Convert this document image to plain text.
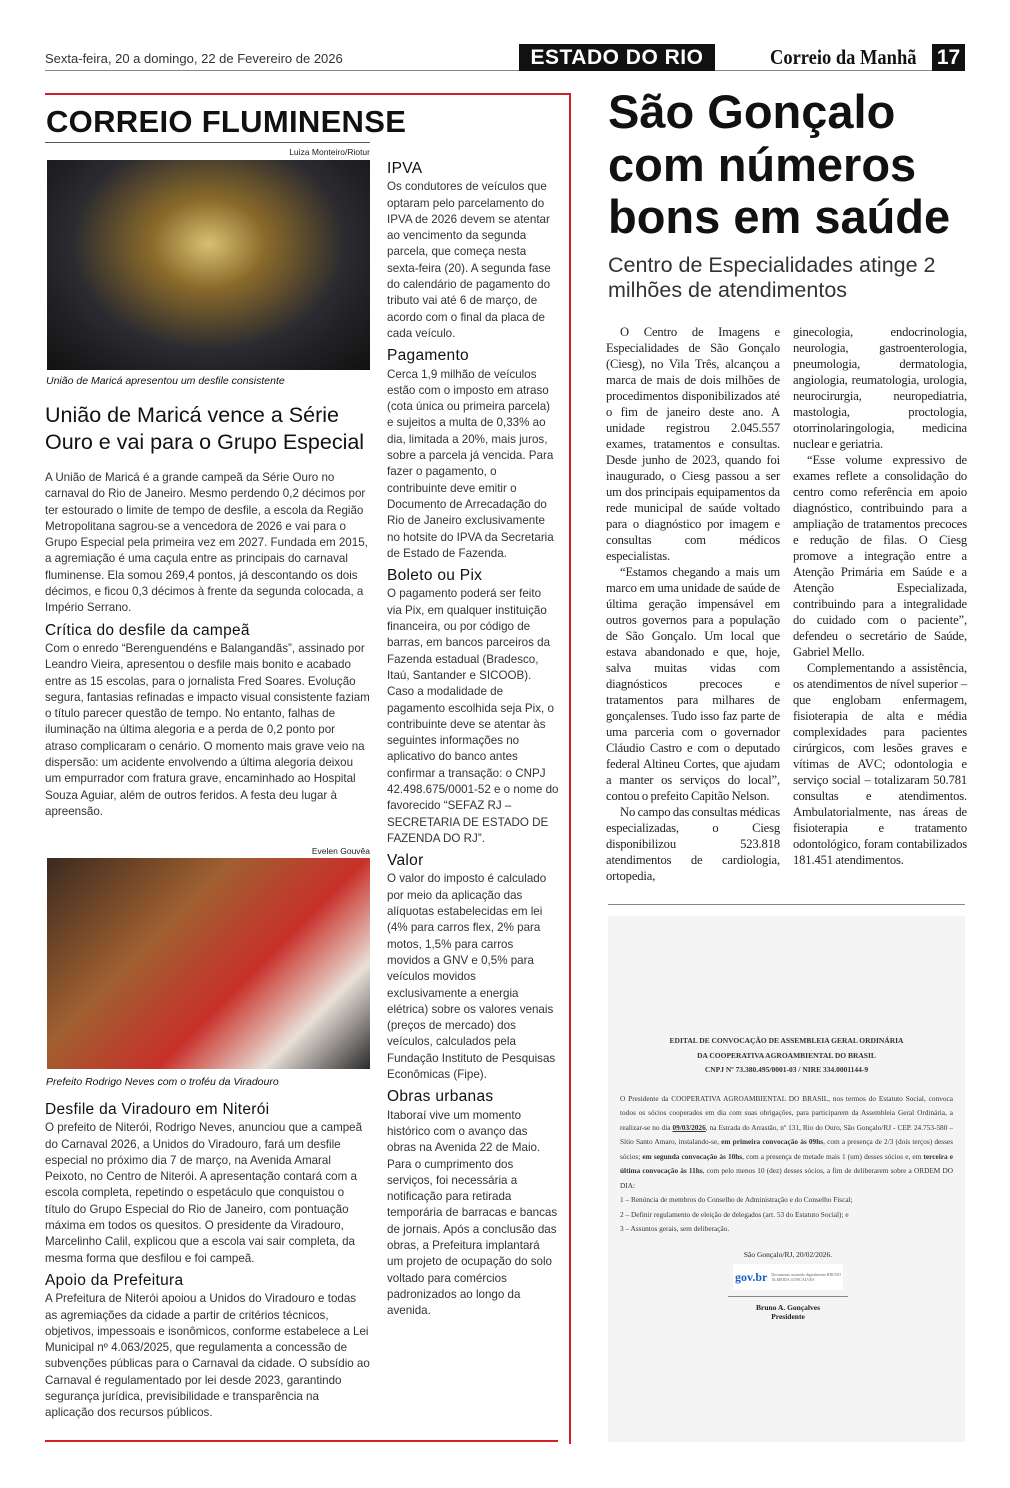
Sexta-feira, 20 a domingo, 22 de Fevereiro de 2026	ESTADO DO RIO	Correio da Manhã 17
CORREIO FLUMINENSE
Luiza Monteiro/Riotur
União de Maricá apresentou um desfile consistente
União de Maricá vence a Série Ouro e vai para o Grupo Especial

A União de Maricá é a grande campeã da Série Ouro no carnaval do Rio de Janeiro. Mesmo perdendo 0,2 décimos por ter estourado o limite de tempo de desfile, a escola da Região Metropolitana sagrou-se a vencedora de 2026 e vai para o Grupo Especial pela primeira vez em 2027. Fundada em 2015, a agremiação é uma caçula entre as principais do carnaval fluminense. Ela somou 269,4 pontos, já descontando os dois décimos, e ficou 0,3 décimos à frente da segunda colocada, a Império Serrano.

Crítica do desfile da campeã

Com o enredo “Berenguendéns e Balangandãs”, assinado por Leandro Vieira, apresentou o desfile mais bonito e acabado entre as 15 escolas, para o jornalista Fred Soares. Evolução segura, fantasias refinadas e impacto visual consistente faziam o título parecer questão de tempo. No entanto, falhas de iluminação na última alegoria e a perda de 0,2 ponto por atraso complicaram o cenário. O momento mais grave veio na dispersão: um acidente envolvendo a última alegoria deixou um empurrador com fratura grave, encaminhado ao Hospital Souza Aguiar, além de outros feridos. A festa deu lugar à apreensão.

Evelen Gouvêa
Prefeito Rodrigo Neves com o troféu da Viradouro
Desfile da Viradouro em Niterói

O prefeito de Niterói, Rodrigo Neves, anunciou que a campeã do Carnaval 2026, a Unidos do Viradouro, fará um desfile especial no próximo dia 7 de março, na Avenida Amaral Peixoto, no Centro de Niterói. A apresentação contará com a escola completa, repetindo o espetáculo que conquistou o título do Grupo Especial do Rio de Janeiro, com pontuação máxima em todos os quesitos. O presidente da Viradouro, Marcelinho Calil, explicou que a escola vai sair completa, da mesma forma que desfilou e foi campeã.

Apoio da Prefeitura

A Prefeitura de Niterói apoiou a Unidos do Viradouro e todas as agremiações da cidade a partir de critérios técnicos, objetivos, impessoais e isonômicos, conforme estabelece a Lei Municipal nº 4.063/2025, que regulamenta a concessão de subvenções públicas para o Carnaval da cidade. O subsídio ao Carnaval é regulamentado por lei desde 2023, garantindo segurança jurídica, previsibilidade e transparência na aplicação dos recursos públicos.

IPVA

Os condutores de veículos que optaram pelo parcelamento do IPVA de 2026 devem se atentar ao vencimento da segunda parcela, que começa nesta sexta-feira (20). A segunda fase do calendário de pagamento do tributo vai até 6 de março, de acordo com o final da placa de cada veículo.

Pagamento

Cerca 1,9 milhão de veículos estão com o imposto em atraso (cota única ou primeira parcela) e sujeitos a multa de 0,33% ao dia, limitada a 20%, mais juros, sobre a parcela já vencida. Para fazer o pagamento, o contribuinte deve emitir o Documento de Arrecadação do Rio de Janeiro exclusivamente no hotsite do IPVA da Secretaria de Estado de Fazenda.

Boleto ou Pix

O pagamento poderá ser feito via Pix, em qualquer instituição financeira, ou por código de barras, em bancos parceiros da Fazenda estadual (Bradesco, Itaú, Santander e SICOOB). Caso a modalidade de pagamento escolhida seja Pix, o contribuinte deve se atentar às seguintes informações no aplicativo do banco antes confirmar a transação: o CNPJ 42.498.675/0001-52 e o nome do favorecido “SEFAZ RJ – SECRETARIA DE ESTADO DE FAZENDA DO RJ”.

Valor

O valor do imposto é calculado por meio da aplicação das alíquotas estabelecidas em lei (4% para carros flex, 2% para motos, 1,5% para carros movidos a GNV e 0,5% para veículos movidos exclusivamente a energia elétrica) sobre os valores venais (preços de mercado) dos veículos, calculados pela Fundação Instituto de Pesquisas Econômicas (Fipe).

Obras urbanas

Itaboraí vive um momento histórico com o avanço das obras na Avenida 22 de Maio. Para o cumprimento dos serviços, foi necessária a notificação para retirada temporária de barracas e bancas de jornais. Após a conclusão das obras, a Prefeitura implantará um projeto de ocupação do solo voltado para comércios padronizados ao longo da avenida.

São Gonçalo com números bons em saúde
Centro de Especialidades atinge 2 milhões de atendimentos

O Centro de Imagens e Especialidades de São Gonçalo (Ciesg), no Vila Três, alcançou a marca de mais de dois milhões de procedimentos disponibilizados até o fim de janeiro deste ano. A unidade registrou 2.045.557 exames, tratamentos e consultas. Desde junho de 2023, quando foi inaugurado, o Ciesg passou a ser um dos principais equipamentos da rede municipal de saúde voltado para o diagnóstico por imagem e consultas com médicos especialistas.

“Estamos chegando a mais um marco em uma unidade de saúde de última geração impensável em outros governos para a população de São Gonçalo. Um local que estava abandonado e que, hoje, salva muitas vidas com diagnósticos precoces e tratamentos para milhares de gonçalenses. Tudo isso faz parte de uma parceria com o governador Cláudio Castro e com o deputado federal Altineu Cortes, que ajudam a manter os serviços do local”, contou o prefeito Capitão Nelson.

No campo das consultas médicas especializadas, o Ciesg disponibilizou 523.818 atendimentos de cardiologia, ortopedia,

ginecologia, endocrinologia, neurologia, gastroenterologia, pneumologia, dermatologia, angiologia, reumatologia, urologia, neurocirurgia, neuropediatria, mastologia, proctologia, otorrinolaringologia, medicina nuclear e geriatria.

“Esse volume expressivo de exames reflete a consolidação do centro como referência em apoio diagnóstico, contribuindo para a ampliação de tratamentos precoces e redução de filas. O Ciesg promove a integração entre a Atenção Primária em Saúde e a Atenção Especializada, contribuindo para a integralidade do cuidado com o paciente”, defendeu o secretário de Saúde, Gabriel Mello.

Complementando a assistência, os atendimentos de nível superior – que englobam enfermagem, fisioterapia de alta e média complexidades para pacientes cirúrgicos, com lesões graves e vítimas de AVC; odontologia e serviço social – totalizaram 50.781 consultas e atendimentos. Ambulatorialmente, nas áreas de fisioterapia e tratamento odontológico, foram contabilizados 181.451 atendimentos.

EDITAL DE CONVOCAÇÃO DE ASSEMBLEIA GERAL ORDINÁRIA
DA COOPERATIVA AGROAMBIENTAL DO BRASIL
CNPJ Nº 73.380.495/0001-03 / NIRE 334.0001144-9
O Presidente da COOPERATIVA AGROAMBIENTAL DO BRASIL, nos termos do Estatuto Social, convoca todos os sócios cooperados em dia com suas obrigações, para participarem da Assembleia Geral Ordinária, a realizar-se no dia 09/03/2026, na Estrada do Arrastão, nº 131, Rio do Ouro, São Gonçalo/RJ - CEP. 24.753-580 – Sítio Santo Amaro, instalando-se, em primeira convocação às 09hs, com a presença de 2/3 (dois terços) desses sócios; em segunda convocação às 10hs, com a presença de metade mais 1 (um) desses sócios e, em terceira e última convocação às 11hs, com pelo menos 10 (dez) desses sócios, a fim de deliberarem sobre a ORDEM DO DIA:
1 – Renúncia de membros do Conselho de Administração e do Conselho Fiscal;
2 – Definir regulamento de eleição de delegados (art. 53 do Estatuto Social); e
3 – Assuntos gerais, sem deliberação.
São Gonçalo/RJ, 20/02/2026.
gov.br Documento assinado digitalmente BRUNO ALMEIDA GONCALVES
Bruno A. Gonçalves
Presidente
